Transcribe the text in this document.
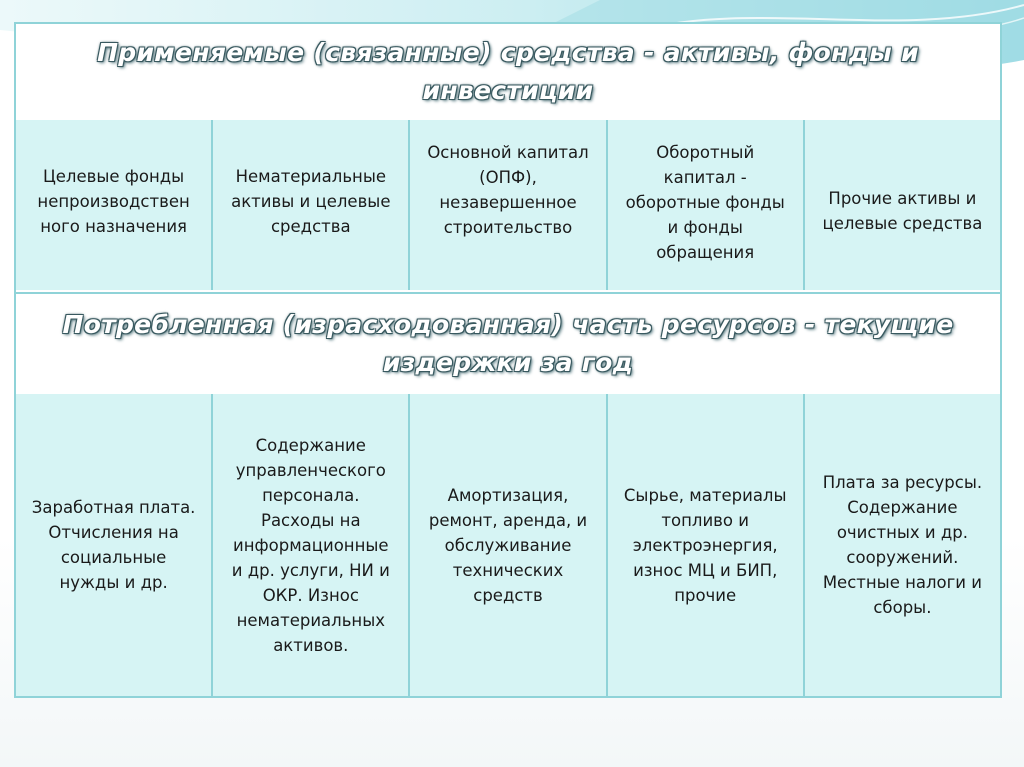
Применяемые (связанные) средства - активы, фонды и инвестиции
Целевые фонды
непроизводствен
ного назначения
Нематериальные
активы и целевые
средства
Основной капитал
(ОПФ),
незавершенное
строительство
Оборотный
капитал -
оборотные фонды
и фонды
обращения
Прочие активы и
целевые средства
Потребленная (израсходованная) часть ресурсов - текущие издержки за год
Заработная плата.
Отчисления на
социальные
нужды и др.
Содержание
управленческого
персонала.
Расходы на
информационные
и др. услуги, НИ и
ОКР. Износ
нематериальных
активов.
Амортизация,
ремонт, аренда, и
обслуживание
технических
средств
Сырье, материалы
топливо и
электроэнергия,
износ МЦ и БИП,
прочие
Плата за ресурсы.
Содержание
очистных и др.
сооружений.
Местные налоги и
сборы.
